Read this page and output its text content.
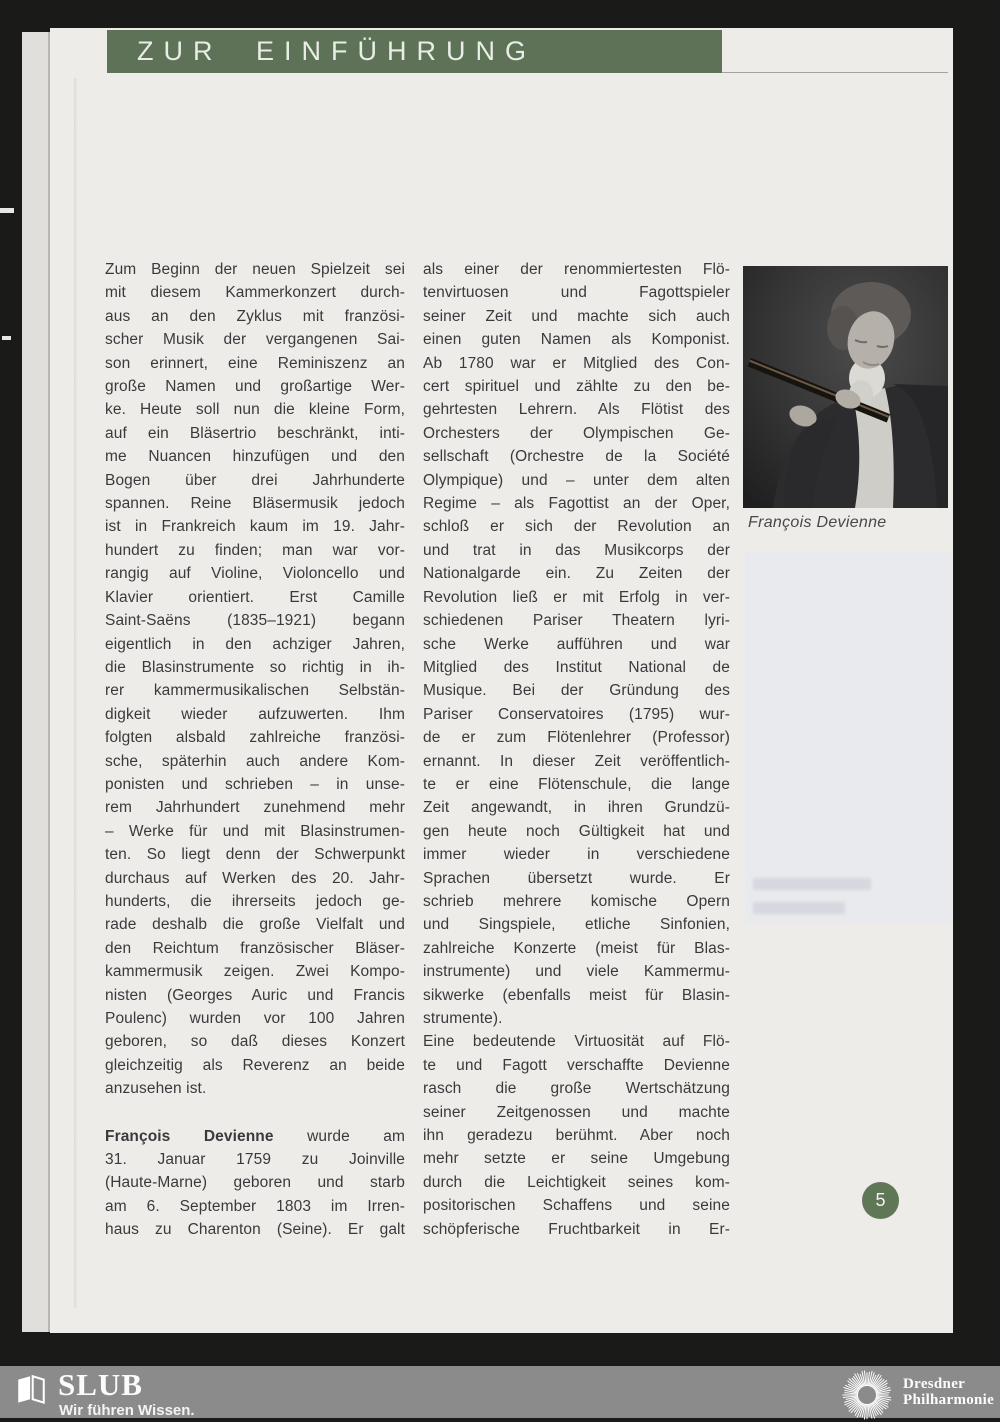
ZUR EINFÜHRUNG
Zum Beginn der neuen Spielzeit sei
mit diesem Kammerkonzert durch-
aus an den Zyklus mit französi-
scher Musik der vergangenen Sai-
son erinnert, eine Reminiszenz an
große Namen und großartige Wer-
ke. Heute soll nun die kleine Form,
auf ein Bläsertrio beschränkt, inti-
me Nuancen hinzufügen und den
Bogen über drei Jahrhunderte
spannen. Reine Bläsermusik jedoch
ist in Frankreich kaum im 19. Jahr-
hundert zu finden; man war vor-
rangig auf Violine, Violoncello und
Klavier orientiert. Erst Camille
Saint-Saëns (1835–1921) begann
eigentlich in den achziger Jahren,
die Blasinstrumente so richtig in ih-
rer kammermusikalischen Selbstän-
digkeit wieder aufzuwerten. Ihm
folgten alsbald zahlreiche französi-
sche, späterhin auch andere Kom-
ponisten und schrieben – in unse-
rem Jahrhundert zunehmend mehr
– Werke für und mit Blasinstrumen-
ten. So liegt denn der Schwerpunkt
durchaus auf Werken des 20. Jahr-
hunderts, die ihrerseits jedoch ge-
rade deshalb die große Vielfalt und
den Reichtum französischer Bläser-
kammermusik zeigen. Zwei Kompo-
nisten (Georges Auric und Francis
Poulenc) wurden vor 100 Jahren
geboren, so daß dieses Konzert
gleichzeitig als Reverenz an beide
anzusehen ist.
François Devienne wurde am
31. Januar 1759 zu Joinville
(Haute-Marne) geboren und starb
am 6. September 1803 im Irren-
haus zu Charenton (Seine). Er galt
als einer der renommiertesten Flö-
tenvirtuosen und Fagottspieler
seiner Zeit und machte sich auch
einen guten Namen als Komponist.
Ab 1780 war er Mitglied des Con-
cert spirituel und zählte zu den be-
gehrtesten Lehrern. Als Flötist des
Orchesters der Olympischen Ge-
sellschaft (Orchestre de la Société
Olympique) und – unter dem alten
Regime – als Fagottist an der Oper,
schloß er sich der Revolution an
und trat in das Musikcorps der
Nationalgarde ein. Zu Zeiten der
Revolution ließ er mit Erfolg in ver-
schiedenen Pariser Theatern lyri-
sche Werke aufführen und war
Mitglied des Institut National de
Musique. Bei der Gründung des
Pariser Conservatoires (1795) wur-
de er zum Flötenlehrer (Professor)
ernannt. In dieser Zeit veröffentlich-
te er eine Flötenschule, die lange
Zeit angewandt, in ihren Grundzü-
gen heute noch Gültigkeit hat und
immer wieder in verschiedene
Sprachen übersetzt wurde. Er
schrieb mehrere komische Opern
und Singspiele, etliche Sinfonien,
zahlreiche Konzerte (meist für Blas-
instrumente) und viele Kammermu-
sikwerke (ebenfalls meist für Blasin-
strumente).
Eine bedeutende Virtuosität auf Flö-
te und Fagott verschaffte Devienne
rasch die große Wertschätzung
seiner Zeitgenossen und machte
ihn geradezu berühmt. Aber noch
mehr setzte er seine Umgebung
durch die Leichtigkeit seines kom-
positorischen Schaffens und seine
schöpferische Fruchtbarkeit in Er-
François Devienne
5
SLUB
Wir führen Wissen.
Dresdner
Philharmonie
